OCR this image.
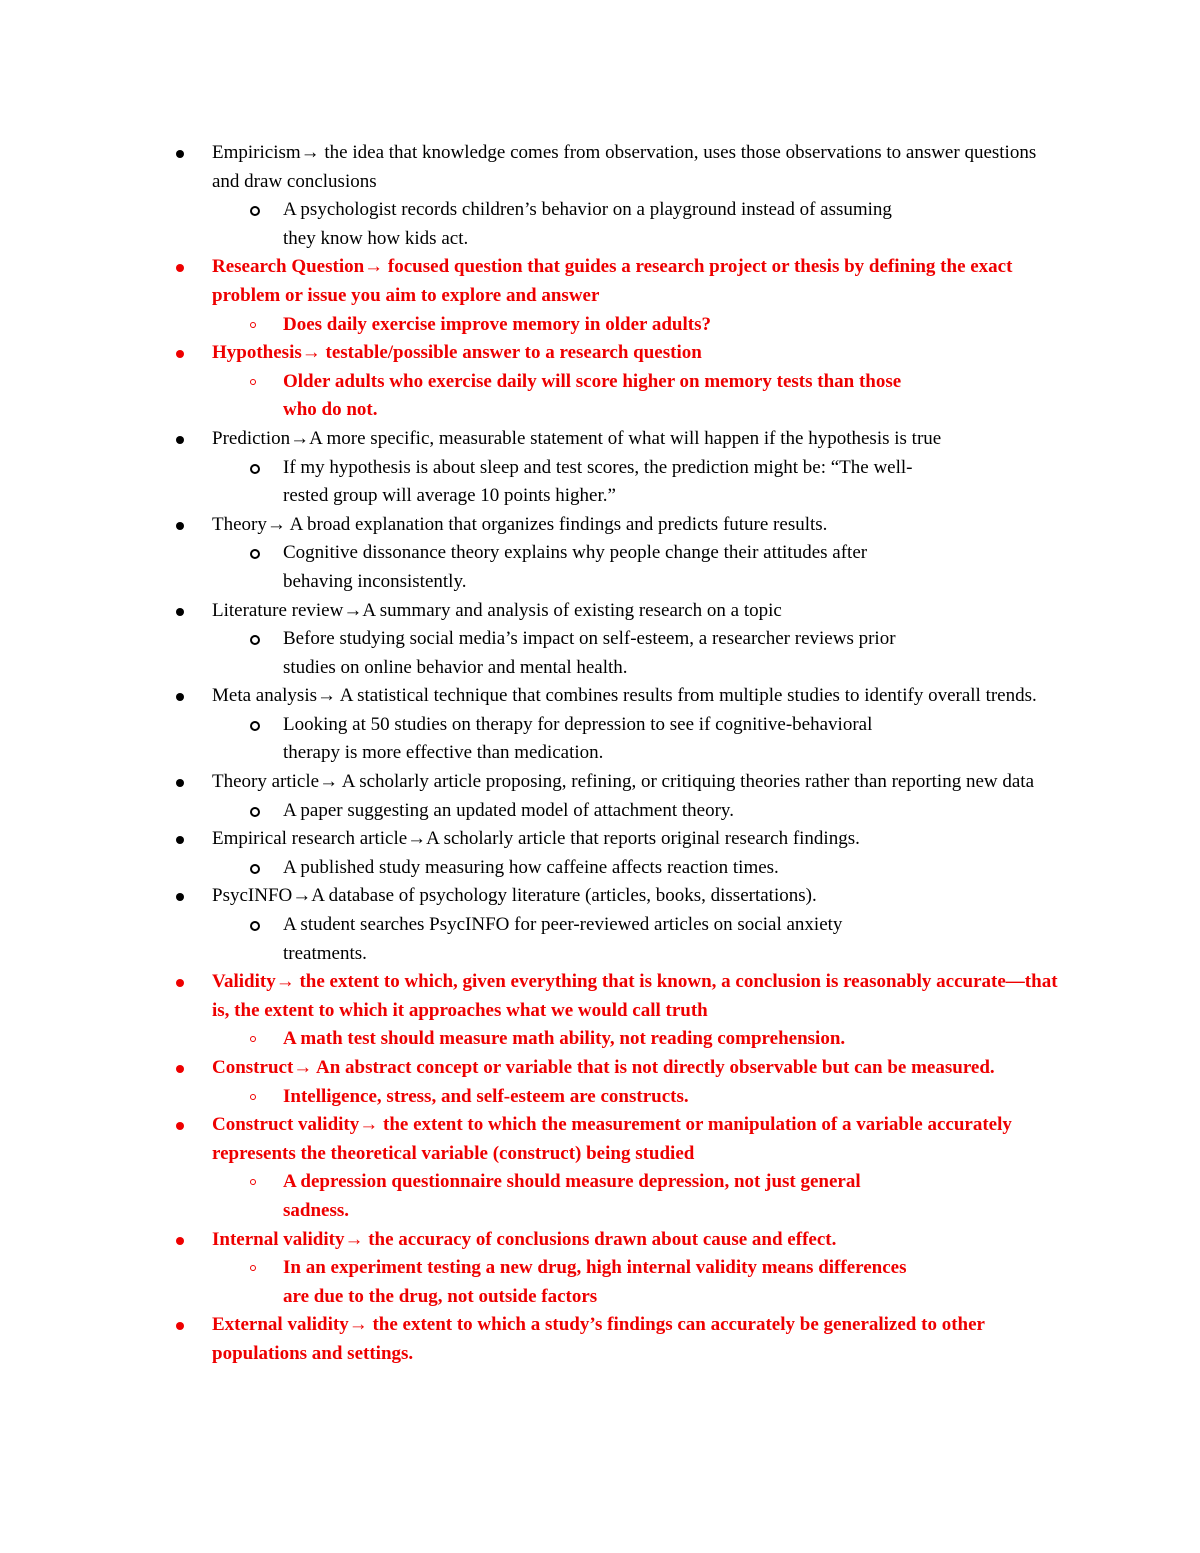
Empiricism→ the idea that knowledge comes from observation, uses those observations to answer questions and draw conclusions
A psychologist records children’s behavior on a playground instead of assuming they know how kids act.
Research Question→ focused question that guides a research project or thesis by defining the exact problem or issue you aim to explore and answer
Does daily exercise improve memory in older adults?
Hypothesis→ testable/possible answer to a research question
Older adults who exercise daily will score higher on memory tests than those who do not.
Prediction→A more specific, measurable statement of what will happen if the hypothesis is true
If my hypothesis is about sleep and test scores, the prediction might be: “The well-rested group will average 10 points higher.”
Theory→ A broad explanation that organizes findings and predicts future results.
Cognitive dissonance theory explains why people change their attitudes after behaving inconsistently.
Literature review→A summary and analysis of existing research on a topic
Before studying social media’s impact on self-esteem, a researcher reviews prior studies on online behavior and mental health.
Meta analysis→ A statistical technique that combines results from multiple studies to identify overall trends.
Looking at 50 studies on therapy for depression to see if cognitive-behavioral therapy is more effective than medication.
Theory article→ A scholarly article proposing, refining, or critiquing theories rather than reporting new data
A paper suggesting an updated model of attachment theory.
Empirical research article→A scholarly article that reports original research findings.
A published study measuring how caffeine affects reaction times.
PsycINFO→A database of psychology literature (articles, books, dissertations).
A student searches PsycINFO for peer-reviewed articles on social anxiety treatments.
Validity→ the extent to which, given everything that is known, a conclusion is reasonably accurate—that is, the extent to which it approaches what we would call truth
A math test should measure math ability, not reading comprehension.
Construct→ An abstract concept or variable that is not directly observable but can be measured.
Intelligence, stress, and self-esteem are constructs.
Construct validity→ the extent to which the measurement or manipulation of a variable accurately represents the theoretical variable (construct) being studied
A depression questionnaire should measure depression, not just general sadness.
Internal validity→ the accuracy of conclusions drawn about cause and effect.
In an experiment testing a new drug, high internal validity means differences are due to the drug, not outside factors
External validity→ the extent to which a study’s findings can accurately be generalized to other populations and settings.
